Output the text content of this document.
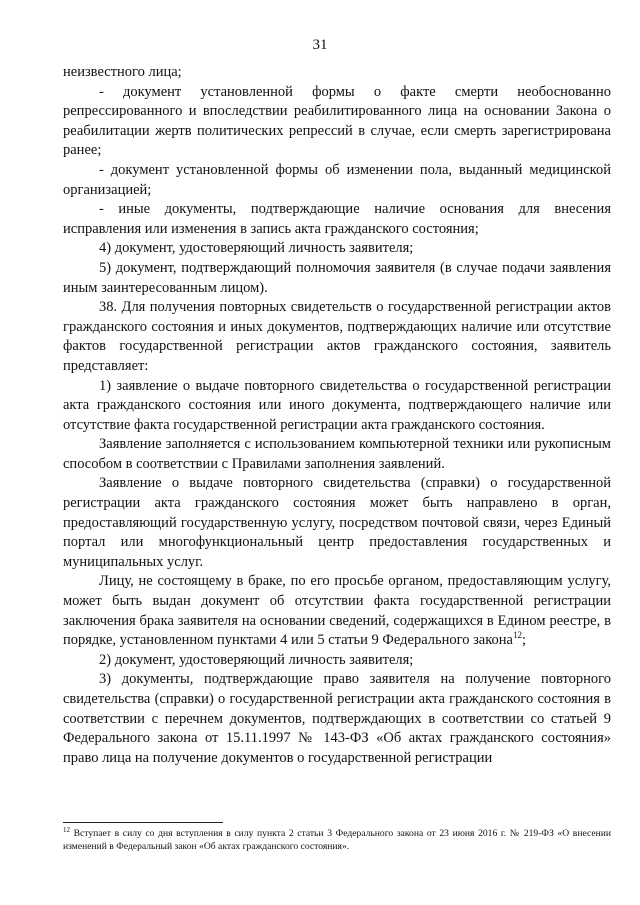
31

неизвестного лица;

- документ установленной формы о факте смерти необоснованно репрессированного и впоследствии реабилитированного лица на основании Закона о реабилитации жертв политических репрессий в случае, если смерть зарегистрирована ранее;

- документ установленной формы об изменении пола, выданный медицинской организацией;

- иные документы, подтверждающие наличие основания для внесения исправления или изменения в запись акта гражданского состояния;

4) документ, удостоверяющий личность заявителя;

5) документ, подтверждающий полномочия заявителя (в случае подачи заявления иным заинтересованным лицом).

38. Для получения повторных свидетельств о государственной регистрации актов гражданского состояния и иных документов, подтверждающих наличие или отсутствие фактов государственной регистрации актов гражданского состояния, заявитель представляет:

1) заявление о выдаче повторного свидетельства о государственной регистрации акта гражданского состояния или иного документа, подтверждающего наличие или отсутствие факта государственной регистрации акта гражданского состояния.

Заявление заполняется с использованием компьютерной техники или рукописным способом в соответствии с Правилами заполнения заявлений.

Заявление о выдаче повторного свидетельства (справки) о государственной регистрации акта гражданского состояния может быть направлено в орган, предоставляющий государственную услугу, посредством почтовой связи, через Единый портал или многофункциональный центр предоставления государственных и муниципальных услуг.

Лицу, не состоящему в браке, по его просьбе органом, предоставляющим услугу, может быть выдан документ об отсутствии факта государственной регистрации заключения брака заявителя на основании сведений, содержащихся в Едином реестре, в порядке, установленном пунктами 4 или 5 статьи 9 Федерального закона$^{12}$;

2) документ, удостоверяющий личность заявителя;

3) документы, подтверждающие право заявителя на получение повторного свидетельства (справки) о государственной регистрации акта гражданского состояния в соответствии с перечнем документов, подтверждающих в соответствии со статьей 9 Федерального закона от 15.11.1997 № 143-ФЗ «Об актах гражданского состояния» право лица на получение документов о государственной регистрации

$^{12}$ Вступает в силу со дня вступления в силу пункта 2 статьи 3 Федерального закона от 23 июня 2016 г. № 219-ФЗ «О внесении изменений в Федеральный закон «Об актах гражданского состояния».
